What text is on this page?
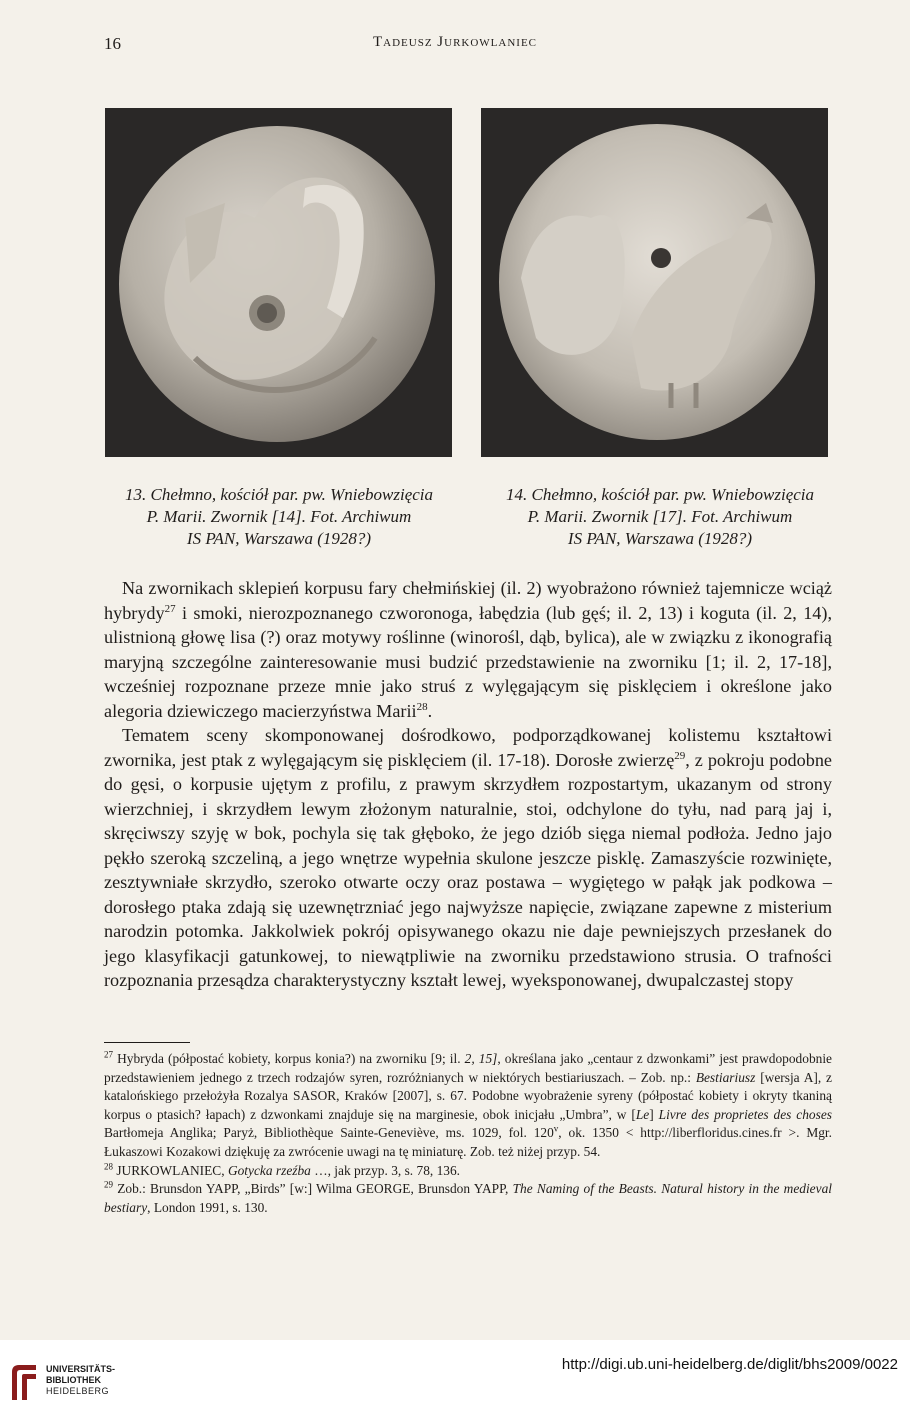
16	Tadeusz Jurkowlaniec
13. Chełmno, kościół par. pw. Wniebowzięcia
P. Marii. Zwornik [14]. Fot. Archiwum
IS PAN, Warszawa (1928?)
14. Chełmno, kościół par. pw. Wniebowzięcia
P. Marii. Zwornik [17]. Fot. Archiwum
IS PAN, Warszawa (1928?)

Na zwornikach sklepień korpusu fary chełmińskiej (il. 2) wyobrażono również tajemnicze wciąż hybrydy$^{27}$ i smoki, nierozpoznanego czworonoga, łabędzia (lub gęś; il. 2, 13) i koguta (il. 2, 14), ulistnioną głowę lisa (?) oraz motywy roślinne (winorośl, dąb, bylica), ale w związku z ikonografią maryjną szczególne zainteresowanie musi budzić przedstawienie na zworniku [1; il. 2, 17-18], wcześniej rozpoznane przeze mnie jako struś z wylęgającym się pisklęciem i określone jako alegoria dziewiczego macierzyństwa Marii$^{28}$.

Tematem sceny skomponowanej dośrodkowo, podporządkowanej kolistemu kształtowi zwornika, jest ptak z wylęgającym się pisklęciem (il. 17-18). Dorosłe zwierzę$^{29}$, z pokroju podobne do gęsi, o korpusie ujętym z profilu, z prawym skrzydłem rozpostartym, ukazanym od strony wierzchniej, i skrzydłem lewym złożonym naturalnie, stoi, odchylone do tyłu, nad parą jaj i, skręciwszy szyję w bok, pochyla się tak głęboko, że jego dziób sięga niemal podłoża. Jedno jajo pękło szeroką szczeliną, a jego wnętrze wypełnia skulone jeszcze pisklę. Zamaszyście rozwinięte, zesztywniałe skrzydło, szeroko otwarte oczy oraz postawa – wygiętego w pałąk jak podkowa – dorosłego ptaka zdają się uzewnętrzniać jego najwyższe napięcie, związane zapewne z misterium narodzin potomka. Jakkolwiek pokrój opisywanego okazu nie daje pewniejszych przesłanek do jego klasyfikacji gatunkowej, to niewątpliwie na zworniku przedstawiono strusia. O trafności rozpoznania przesądza charakterystyczny kształt lewej, wyeksponowanej, dwupalczastej stopy

$^{27}$ Hybryda (półpostać kobiety, korpus konia?) na zworniku [9; il. 2, 15], określana jako „centaur z dzwonkami” jest prawdopodobnie przedstawieniem jednego z trzech rodzajów syren, rozróżnianych w niektórych bestiariuszach. – Zob. np.: Bestiariusz [wersja A], z katalońskiego przełożyła Rozalya SASOR, Kraków [2007], s. 67. Podobne wyobrażenie syreny (półpostać kobiety i okryty tkaniną korpus o ptasich? łapach) z dzwonkami znajduje się na marginesie, obok inicjału „Umbra”, w [Le] Livre des proprietes des choses Bartłomeja Anglika; Paryż, Bibliothèque Sainte-Geneviève, ms. 1029, fol. 120$^v$, ok. 1350 < http://liberfloridus.cines.fr >. Mgr. Łukaszowi Kozakowi dziękuję za zwrócenie uwagi na tę miniaturę. Zob. też niżej przyp. 54.

$^{28}$ JURKOWLANIEC, Gotycka rzeźba …, jak przyp. 3, s. 78, 136.

$^{29}$ Zob.: Brunsdon YAPP, „Birds” [w:] Wilma GEORGE, Brunsdon YAPP, The Naming of the Beasts. Natural history in the medieval bestiary, London 1991, s. 130.

UNIVERSITÄTS-
BIBLIOTHEK
HEIDELBERG
http://digi.ub.uni-heidelberg.de/diglit/bhs2009/0022
